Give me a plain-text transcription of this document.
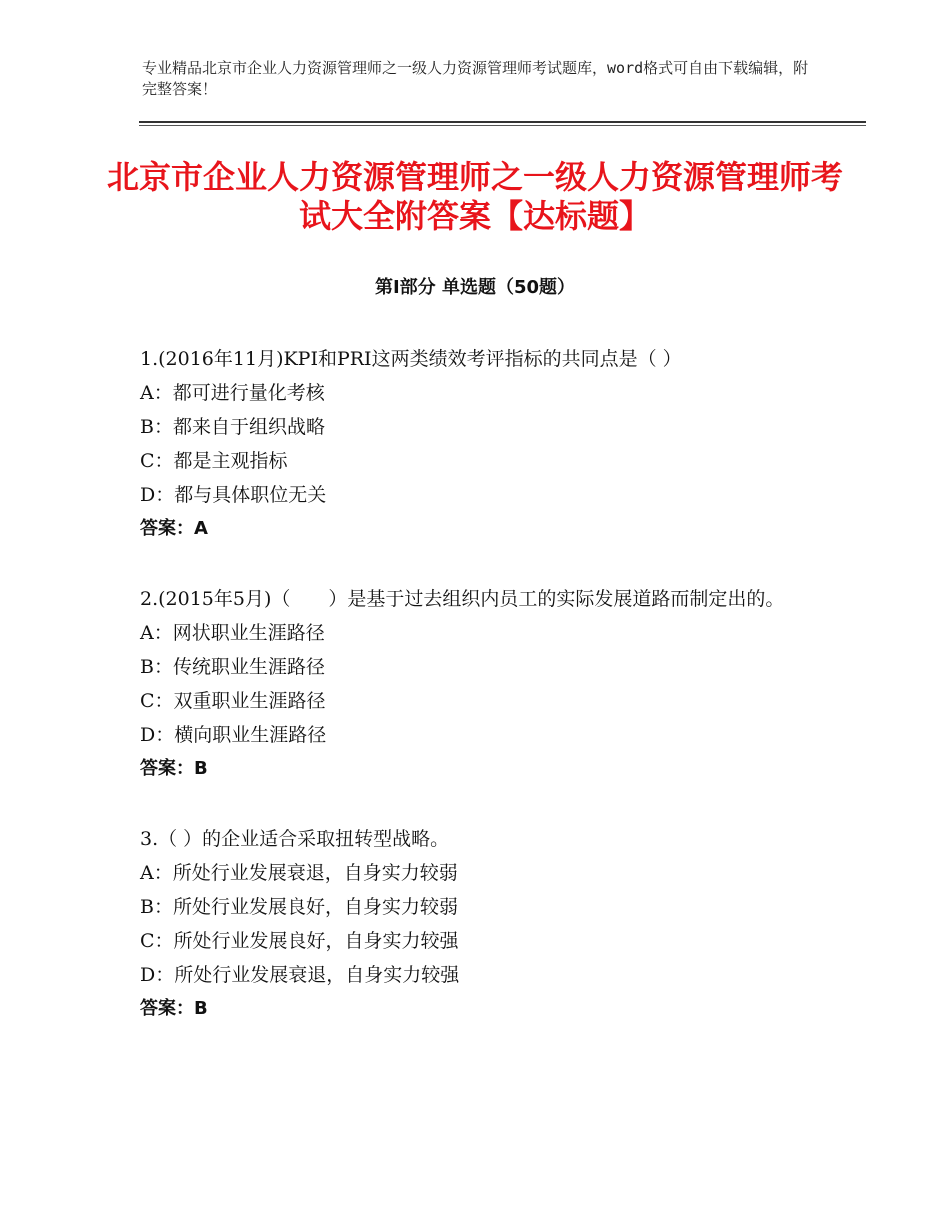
专业精品北京市企业人力资源管理师之一级人力资源管理师考试题库，word格式可自由下载编辑，附完整答案！
北京市企业人力资源管理师之一级人力资源管理师考试大全附答案【达标题】
第Ⅰ部分 单选题（50题）
1.(2016年11月)KPI和PRI这两类绩效考评指标的共同点是（ ）
A：都可进行量化考核
B：都来自于组织战略
C：都是主观指标
D：都与具体职位无关
答案：A
2.(2015年5月)（　　）是基于过去组织内员工的实际发展道路而制定出的。
A：网状职业生涯路径
B：传统职业生涯路径
C：双重职业生涯路径
D：横向职业生涯路径
答案：B
3.（ ）的企业适合采取扭转型战略。
A：所处行业发展衰退，自身实力较弱
B：所处行业发展良好，自身实力较弱
C：所处行业发展良好，自身实力较强
D：所处行业发展衰退，自身实力较强
答案：B
